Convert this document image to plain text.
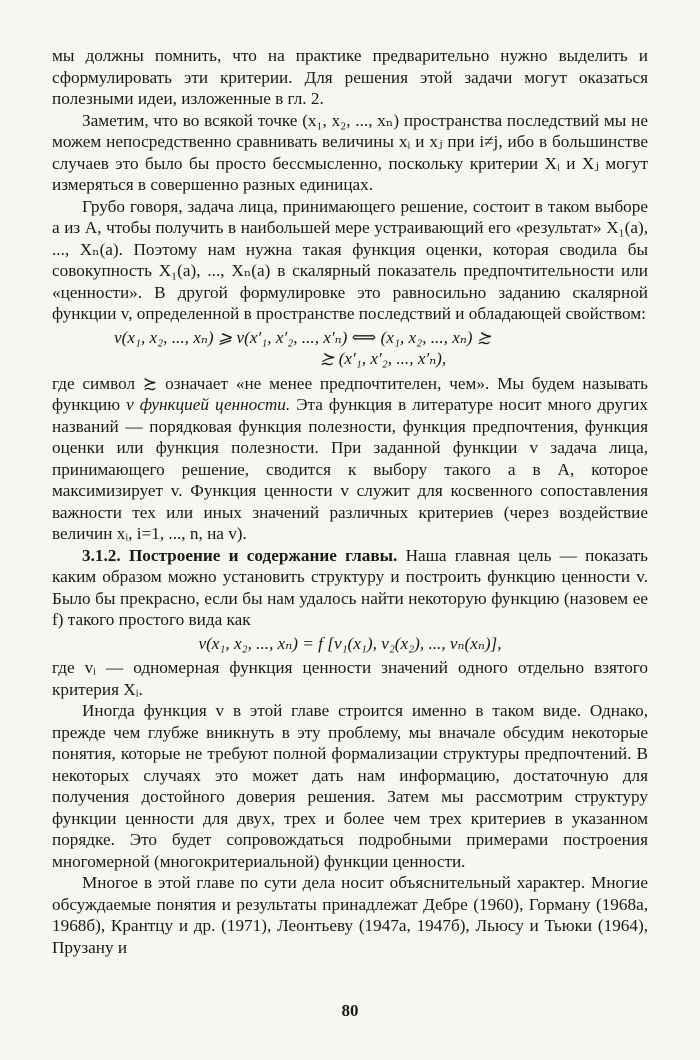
мы должны помнить, что на практике предварительно нужно выделить и сформулировать эти критерии. Для решения этой задачи могут оказаться полезными идеи, изложенные в гл. 2.

Заметим, что во всякой точке (x₁, x₂, ..., xₙ) пространства последствий мы не можем непосредственно сравнивать величины xᵢ и xⱼ при i≠j, ибо в большинстве случаев это было бы просто бессмысленно, поскольку критерии Xᵢ и Xⱼ могут измеряться в совершенно разных единицах.

Грубо говоря, задача лица, принимающего решение, состоит в таком выборе a из A, чтобы получить в наибольшей мере устраивающий его «результат» X₁(a), ..., Xₙ(a). Поэтому нам нужна такая функция оценки, которая сводила бы совокупность X₁(a), ..., Xₙ(a) в скалярный показатель предпочтительности или «ценности». В другой формулировке это равносильно заданию скалярной функции v, определенной в пространстве последствий и обладающей свойством:

v(x₁, x₂, ..., xₙ) ⩾ v(x′₁, x′₂, ..., x′ₙ) ⟺ (x₁, x₂, ..., xₙ) ≿
≿ (x′₁, x′₂, ..., x′ₙ),

где символ ≿ означает «не менее предпочтителен, чем». Мы будем называть функцию v функцией ценности. Эта функция в литературе носит много других названий — порядковая функция полезности, функция предпочтения, функция оценки или функция полезности. При заданной функции v задача лица, принимающего решение, сводится к выбору такого a в A, которое максимизирует v. Функция ценности v служит для косвенного сопоставления важности тех или иных значений различных критериев (через воздействие величин xᵢ, i=1, ..., n, на v).

3.1.2. Построение и содержание главы. Наша главная цель — показать каким образом можно установить структуру и построить функцию ценности v. Было бы прекрасно, если бы нам удалось найти некоторую функцию (назовем ее f) такого простого вида как

v(x₁, x₂, ..., xₙ) = f [v₁(x₁), v₂(x₂), ..., vₙ(xₙ)],

где vᵢ — одномерная функция ценности значений одного отдельно взятого критерия Xᵢ.

Иногда функция v в этой главе строится именно в таком виде. Однако, прежде чем глубже вникнуть в эту проблему, мы вначале обсудим некоторые понятия, которые не требуют полной формализации структуры предпочтений. В некоторых случаях это может дать нам информацию, достаточную для получения достойного доверия решения. Затем мы рассмотрим структуру функции ценности для двух, трех и более чем трех критериев в указанном порядке. Это будет сопровождаться подробными примерами построения многомерной (многокритериальной) функции ценности.

Многое в этой главе по сути дела носит объяснительный характер. Многие обсуждаемые понятия и результаты принадлежат Дебре (1960), Горману (1968а, 1968б), Крантцу и др. (1971), Леонтьеву (1947а, 1947б), Льюсу и Тьюки (1964), Прузану и

80
